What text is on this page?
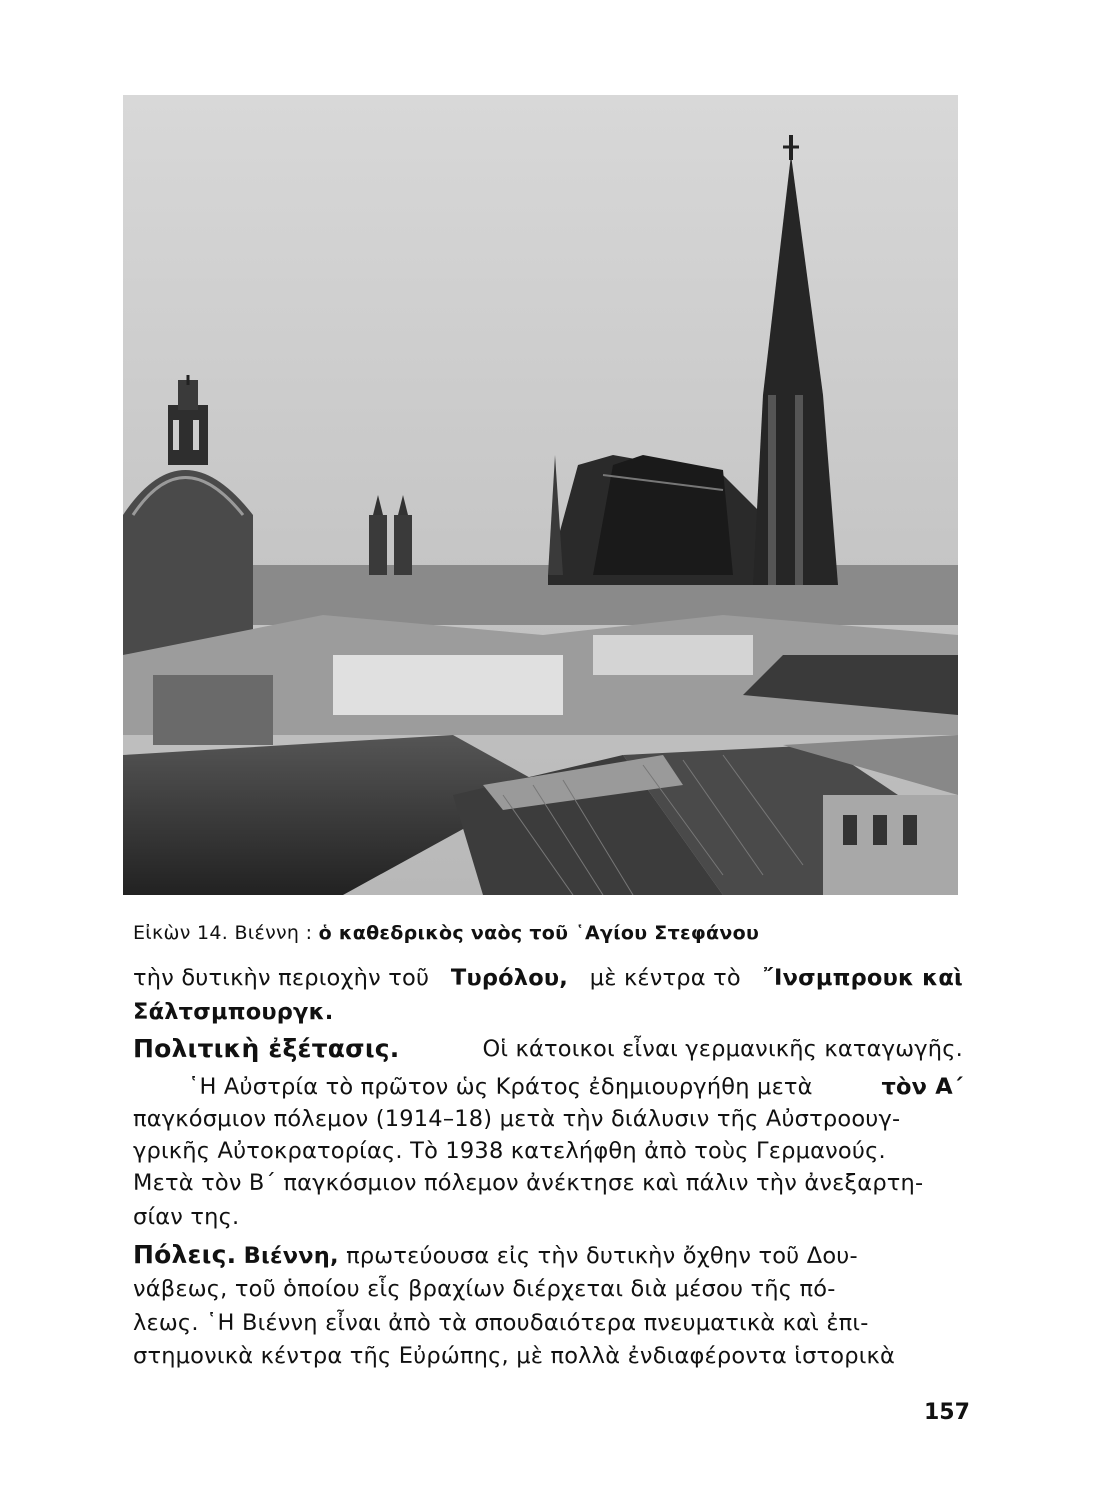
Εἰκὼν 14. Βιέννη : ὁ καθεδρικὸς ναὸς τοῦ ῾Αγίου Στεφάνου
τὴν δυτικὴν περιοχὴν τοῦ Τυρόλου, μὲ κέντρα τὸ ῎Ινσμπρουκ καὶ
Σάλτσμπουργκ.
Πολιτικὴ ἐξέτασις.	Οἱ κάτοικοι εἶναι γερμανικῆς καταγωγῆς.
῾Η Αὐστρία τὸ πρῶτον ὡς Κράτος ἐδημιουργήθη μετὰ	τὸν Α΄
παγκόσμιον πόλεμον (1914–18) μετὰ τὴν διάλυσιν τῆς Αὐστροουγ-
γρικῆς Αὐτοκρατορίας. Τὸ 1938 κατελήφθη ἀπὸ τοὺς Γερμανούς.
Μετὰ τὸν Β΄ παγκόσμιον πόλεμον ἀνέκτησε καὶ πάλιν τὴν ἀνεξαρτη-
σίαν της.
Πόλεις. Βιέννη, πρωτεύουσα εἰς τὴν δυτικὴν ὄχθην τοῦ Δου-
νάβεως, τοῦ ὁποίου εἷς βραχίων διέρχεται διὰ μέσου τῆς πό-
λεως. ῾Η Βιέννη εἶναι ἀπὸ τὰ σπουδαιότερα πνευματικὰ καὶ ἐπι-
στημονικὰ κέντρα τῆς Εὐρώπης, μὲ πολλὰ ἐνδιαφέροντα ἱστορικὰ
157
